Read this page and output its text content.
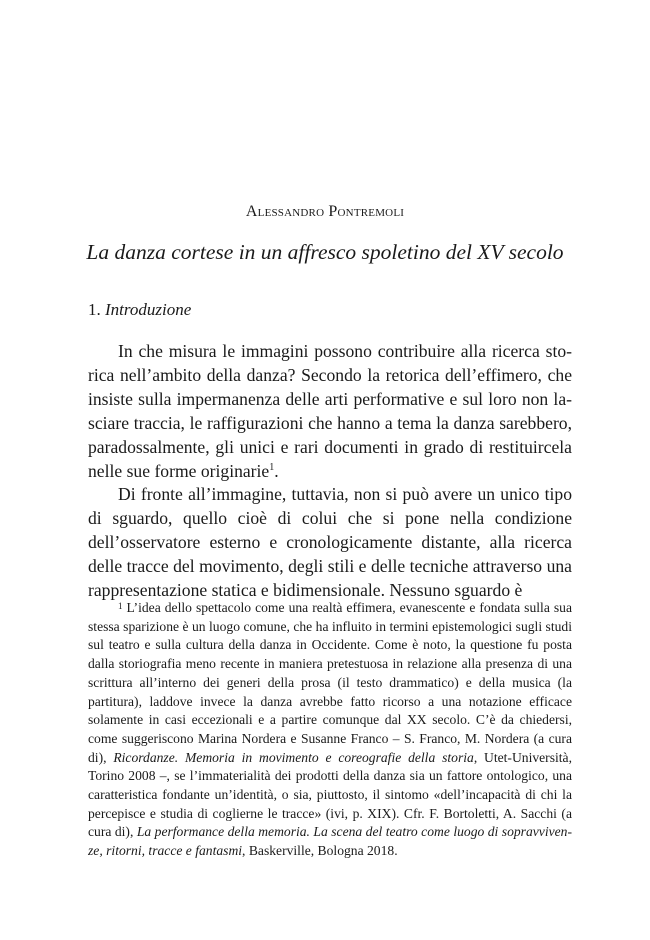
Alessandro Pontremoli
La danza cortese in un affresco spoletino del XV secolo
1. Introduzione

In che misura le immagini possono contribuire alla ricerca storica nell’ambito della danza? Secondo la retorica dell’effimero, che insiste sulla impermanenza delle arti performative e sul loro non lasciare traccia, le raffigurazioni che hanno a tema la danza sarebbero, paradossalmente, gli unici e rari documenti in grado di restituircela nelle sue forme originarie$^1$.

Di fronte all’immagine, tuttavia, non si può avere un unico tipo di sguardo, quello cioè di colui che si pone nella condizione dell’osservatore esterno e cronologicamente distante, alla ricerca delle tracce del movimento, degli stili e delle tecniche attraverso una rappresentazione statica e bidimensionale. Nessuno sguardo è

$^1$ L’idea dello spettacolo come una realtà effimera, evanescente e fondata sulla sua stessa sparizione è un luogo comune, che ha influito in termini epistemologici sugli studi sul teatro e sulla cultura della danza in Occidente. Come è noto, la questione fu posta dalla storiografia meno recente in maniera pretestuosa in relazione alla presenza di una scrittura all’interno dei generi della prosa (il testo drammatico) e della musica (la partitura), laddove invece la danza avrebbe fatto ricorso a una notazione efficace solamente in casi eccezionali e a partire comunque dal XX secolo. C’è da chiedersi, come suggeriscono Marina Nordera e Susanne Franco – S. Franco, M. Nordera (a cura di), Ricordanze. Memoria in movimento e coreografie della storia, Utet-Università, Torino 2008 –, se l’immaterialità dei prodotti della danza sia un fattore ontologico, una caratteristica fondante un’identità, o sia, piuttosto, il sintomo «dell’incapacità di chi la percepisce e studia di coglierne le tracce» (ivi, p. XIX). Cfr. F. Bortoletti, A. Sacchi (a cura di), La performance della memoria. La scena del teatro come luogo di sopravvivenze, ritorni, tracce e fantasmi, Baskerville, Bologna 2018.
